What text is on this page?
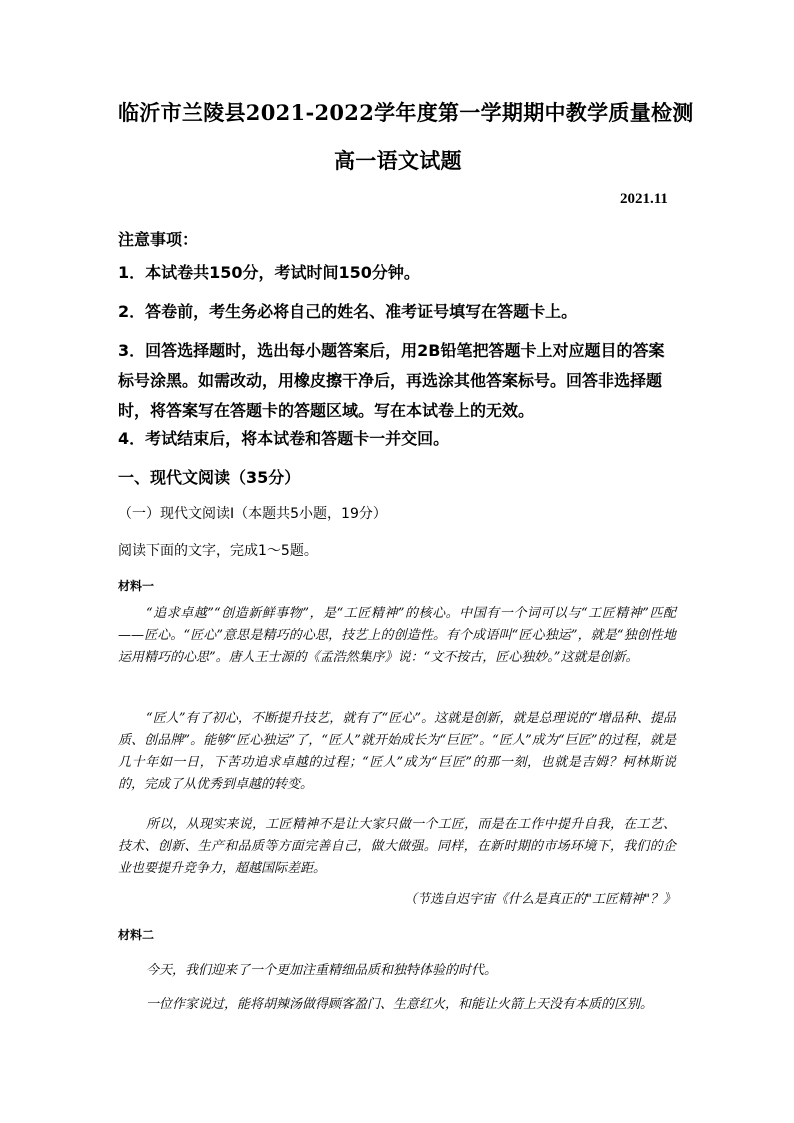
临沂市兰陵县2021-2022学年度第一学期期中教学质量检测
高一语文试题
2021.11
注意事项：
1．本试卷共150分，考试时间150分钟。
2．答卷前，考生务必将自己的姓名、准考证号填写在答题卡上。
3．回答选择题时，选出每小题答案后，用2B铅笔把答题卡上对应题目的答案标号涂黑。如需改动，用橡皮擦干净后，再选涂其他答案标号。回答非选择题时，将答案写在答题卡的答题区域。写在本试卷上的无效。
4．考试结束后，将本试卷和答题卡一并交回。
一、现代文阅读（35分）
（一）现代文阅读Ⅰ（本题共5小题，19分）
阅读下面的文字，完成1～5题。
材料一
“追求卓越”“创造新鲜事物”，是“工匠精神”的核心。中国有一个词可以与“工匠精神”匹配——匠心。“匠心”意思是精巧的心思，技艺上的创造性。有个成语叫“匠心独运”，就是“独创性地运用精巧的心思”。唐人王士源的《孟浩然集序》说：“文不按古，匠心独妙。”这就是创新。
“匠人”有了初心，不断提升技艺，就有了“匠心”。这就是创新，就是总理说的“增品种、提品质、创品牌”。能够“匠心独运”了，“匠人”就开始成长为“巨匠”。“匠人”成为“巨匠”的过程，就是几十年如一日，下苦功追求卓越的过程；“匠人”成为“巨匠”的那一刻，也就是吉姆？柯林斯说的，完成了从优秀到卓越的转变。
所以，从现实来说，工匠精神不是让大家只做一个工匠，而是在工作中提升自我，在工艺、技术、创新、生产和品质等方面完善自己，做大做强。同样，在新时期的市场环境下，我们的企业也要提升竞争力，超越国际差距。
（节选自迟宇宙《什么是真正的"工匠精神"？》
材料二
今天，我们迎来了一个更加注重精细品质和独特体验的时代。
一位作家说过，能将胡辣汤做得顾客盈门、生意红火，和能让火箭上天没有本质的区别。
